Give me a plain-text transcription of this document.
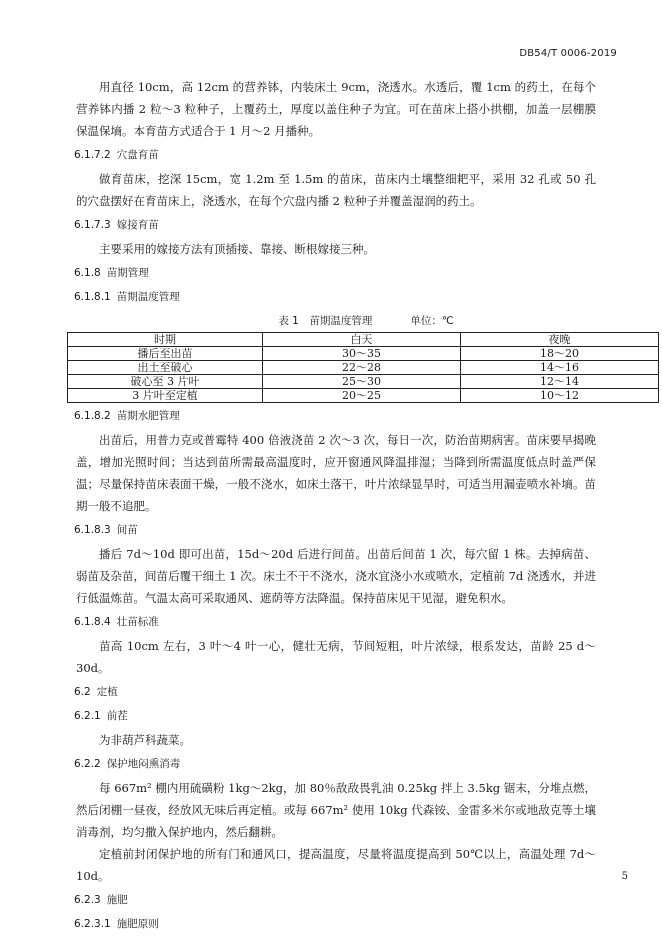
DB54/T 0006-2019

用直径 10cm，高 12cm 的营养钵，内装床土 9cm，浇透水。水透后，覆 1cm 的药土，在每个营养钵内播 2 粒～3 粒种子，上覆药土，厚度以盖住种子为宜。可在苗床上搭小拱棚，加盖一层棚膜保温保墒。本育苗方式适合于 1 月～2 月播种。

6.1.7.2 穴盘育苗

做育苗床，挖深 15cm，宽 1.2m 至 1.5m 的苗床，苗床内土壤整细耙平，采用 32 孔或 50 孔的穴盘摆好在育苗床上，浇透水，在每个穴盘内播 2 粒种子并覆盖湿润的药土。

6.1.7.3 嫁接育苗

主要采用的嫁接方法有顶插接、靠接、断根嫁接三种。

6.1.8 苗期管理
6.1.8.1 苗期温度管理
表 1　苗期温度管理	单位：℃
时期	白天	夜晚
播后至出苗	30～35	18～20
出土至破心	22～28	14～16
破心至 3 片叶	25～30	12～14
3 片叶至定植	20～25	10～12
6.1.8.2 苗期水肥管理

出苗后，用普力克或普霉特 400 倍液浇苗 2 次～3 次，每日一次，防治苗期病害。苗床要早揭晚盖，增加光照时间；当达到苗所需最高温度时，应开窗通风降温排湿；当降到所需温度低点时盖严保温；尽量保持苗床表面干燥，一般不浇水，如床土落干，叶片浓绿显旱时，可适当用漏壶喷水补墒。苗期一般不追肥。

6.1.8.3 间苗

播后 7d～10d 即可出苗，15d～20d 后进行间苗。出苗后间苗 1 次，每穴留 1 株。去掉病苗、弱苗及杂苗，间苗后覆干细土 1 次。床土不干不浇水，浇水宜浇小水或喷水，定植前 7d 浇透水，并进行低温炼苗。气温太高可采取通风、遮荫等方法降温。保持苗床见干见湿，避免积水。

6.1.8.4 壮苗标准

苗高 10cm 左右，3 叶～4 叶一心，健壮无病，节间短粗，叶片浓绿，根系发达，苗龄 25 d～30d。

6.2 定植
6.2.1 前茬

为非葫芦科蔬菜。

6.2.2 保护地闷熏消毒

每 667m² 棚内用硫磺粉 1kg～2kg，加 80％敌敌畏乳油 0.25kg 拌上 3.5kg 锯末，分堆点燃，然后闭棚一昼夜，经放风无味后再定植。或每 667m² 使用 10kg 代森铵、金雷多米尔或地敌克等土壤消毒剂，均匀撒入保护地内，然后翻耕。

定植前封闭保护地的所有门和通风口，提高温度，尽量将温度提高到 50℃以上，高温处理 7d～10d。

6.2.3 施肥
6.2.3.1 施肥原则
5
